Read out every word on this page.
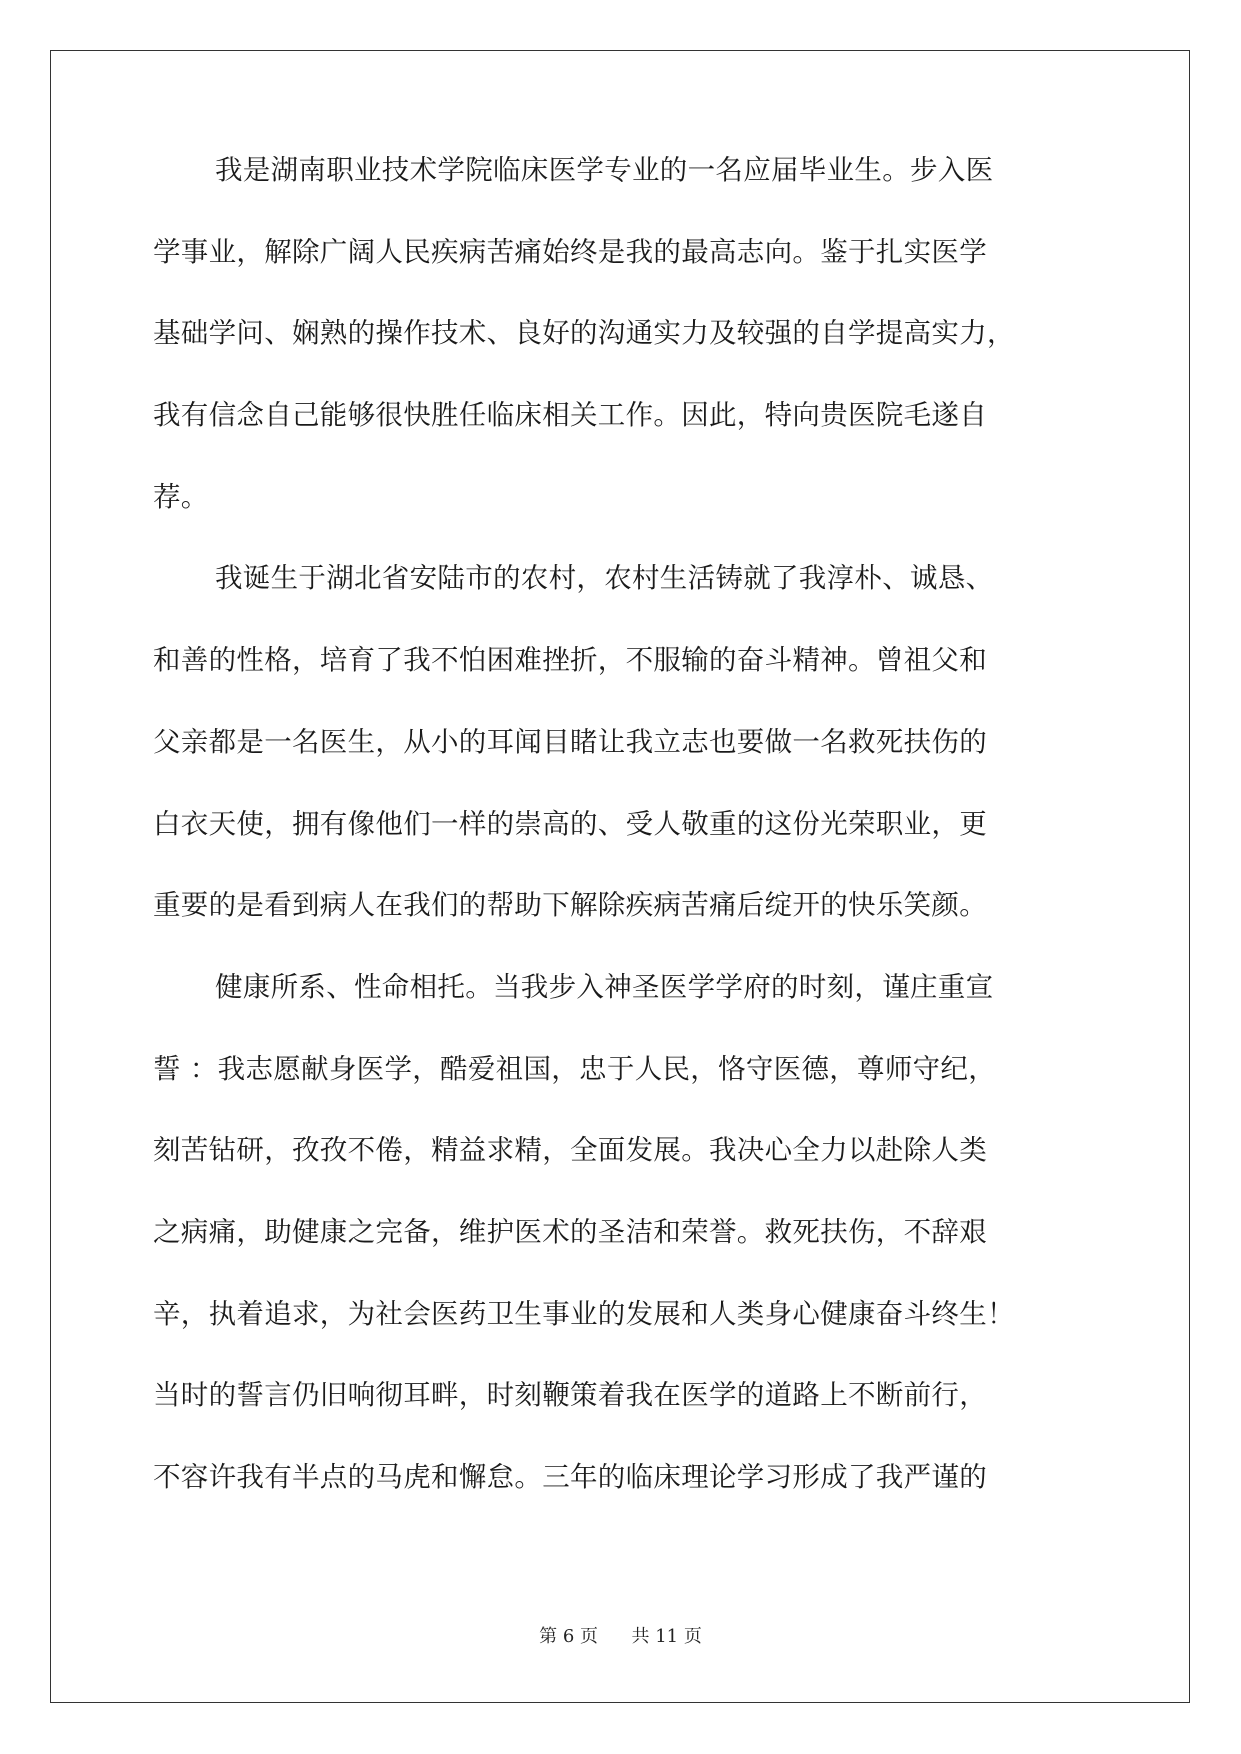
我是湖南职业技术学院临床医学专业的一名应届毕业生。步入医
学事业，解除广阔人民疾病苦痛始终是我的最高志向。鉴于扎实医学
基础学问、娴熟的操作技术、良好的沟通实力及较强的自学提高实力，
我有信念自己能够很快胜任临床相关工作。因此，特向贵医院毛遂自
荐。
我诞生于湖北省安陆市的农村，农村生活铸就了我淳朴、诚恳、
和善的性格，培育了我不怕困难挫折，不服输的奋斗精神。曾祖父和
父亲都是一名医生，从小的耳闻目睹让我立志也要做一名救死扶伤的
白衣天使，拥有像他们一样的崇高的、受人敬重的这份光荣职业，更
重要的是看到病人在我们的帮助下解除疾病苦痛后绽开的快乐笑颜。
健康所系、性命相托。当我步入神圣医学学府的时刻，谨庄重宣
誓 ：我志愿献身医学，酷爱祖国，忠于人民，恪守医德，尊师守纪，
刻苦钻研，孜孜不倦，精益求精，全面发展。我决心全力以赴除人类
之病痛，助健康之完备，维护医术的圣洁和荣誉。救死扶伤，不辞艰
辛，执着追求，为社会医药卫生事业的发展和人类身心健康奋斗终生！
当时的誓言仍旧响彻耳畔，时刻鞭策着我在医学的道路上不断前行，
不容许我有半点的马虎和懈怠。三年的临床理论学习形成了我严谨的
第 6 页 共 11 页
